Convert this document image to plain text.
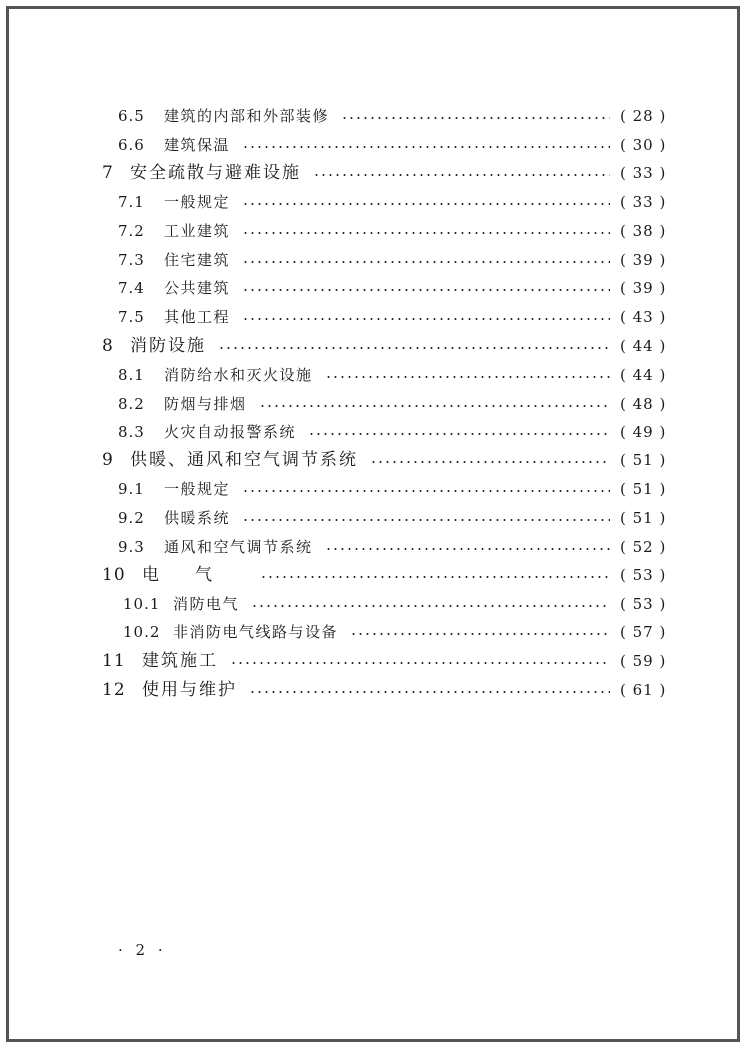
6.5	建筑的内部和外部装修	( 28 )
6.6	建筑保温	( 30 )
7 安全疏散与避难设施	( 33 )
7.1	一般规定	( 33 )
7.2	工业建筑	( 38 )
7.3	住宅建筑	( 39 )
7.4	公共建筑	( 39 )
7.5	其他工程	( 43 )
8 消防设施	( 44 )
8.1	消防给水和灭火设施	( 44 )
8.2	防烟与排烟	( 48 )
8.3	火灾自动报警系统	( 49 )
9 供暖、通风和空气调节系统	( 51 )
9.1	一般规定	( 51 )
9.2	供暖系统	( 51 )
9.3	通风和空气调节系统	( 52 )
10 电气	( 53 )
10.1 消防电气	( 53 )
10.2 非消防电气线路与设备	( 57 )
11 建筑施工	( 59 )
12 使用与维护	( 61 )
· 2 ·
